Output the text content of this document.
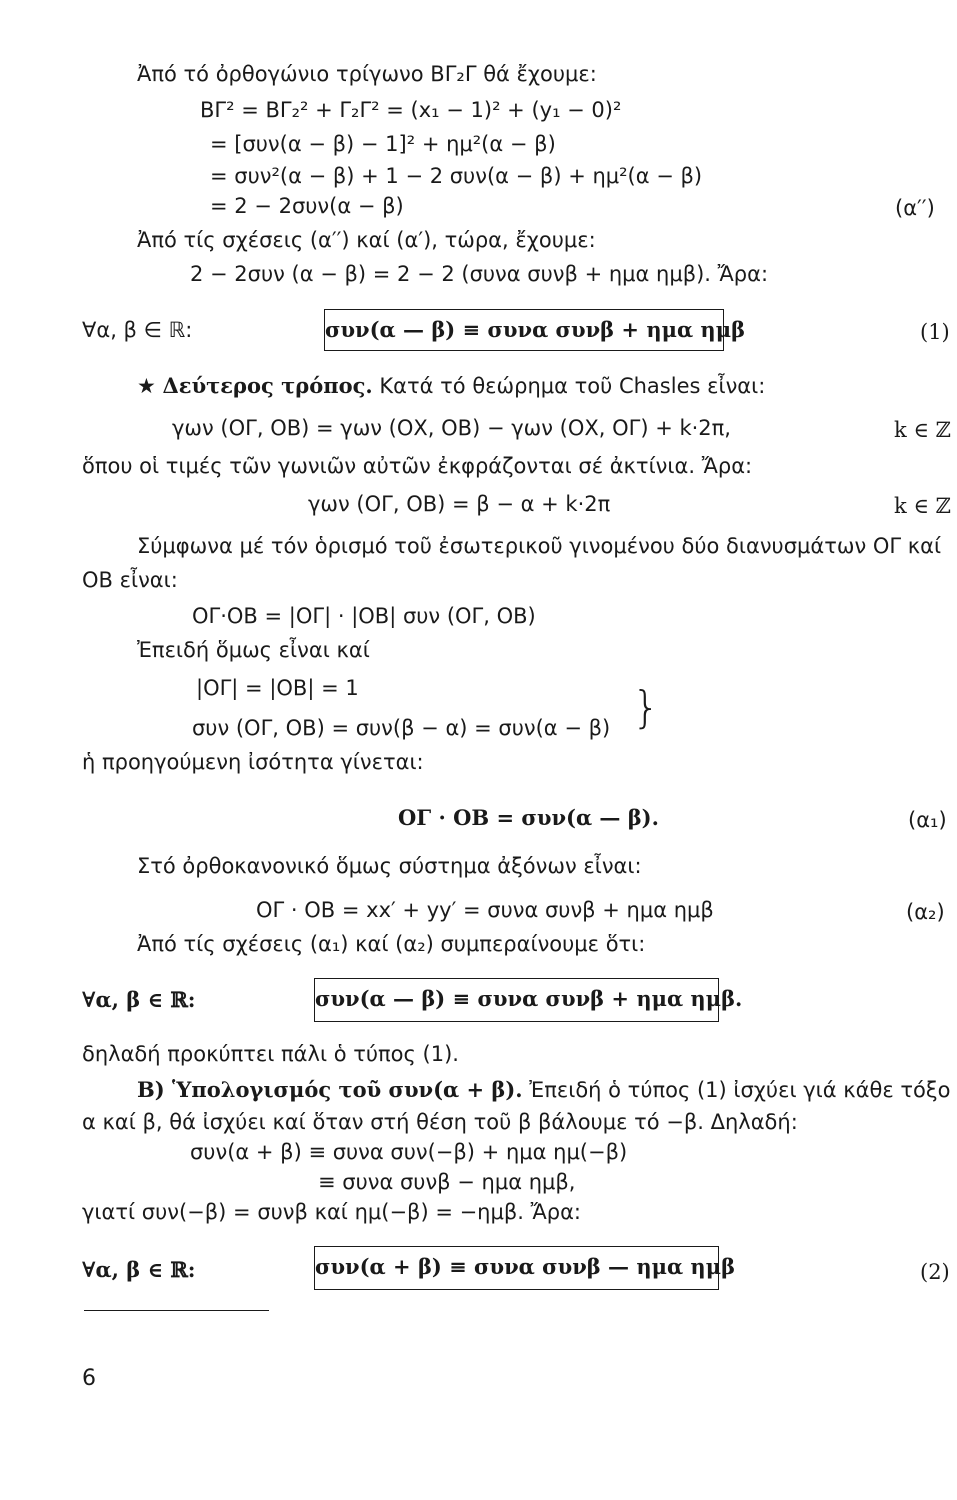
Ἀπό τό ὀρθογώνιο τρίγωνο ΒΓ₂Γ θά ἔχουμε:
ΒΓ² = ΒΓ₂² + Γ₂Γ² = (x₁ − 1)² + (y₁ − 0)²
= [συν(α − β) − 1]² + ημ²(α − β)
= συν²(α − β) + 1 − 2 συν(α − β) + ημ²(α − β)
= 2 − 2συν(α − β)	(α′′)
Ἀπό τίς σχέσεις (α′′) καί (α′), τώρα, ἔχουμε:
2 − 2συν (α − β) = 2 − 2 (συνα συνβ + ημα ημβ). Ἄρα:
∀α, β ∈ ℝ:	συν(α — β) ≡ συνα συνβ + ημα ημβ	(1)
★ Δεύτερος τρόπος. Κατά τό θεώρημα τοῦ Chasles εἶναι:
γων (ΟΓ, ΟΒ) = γων (ΟΧ, ΟΒ) − γων (ΟΧ, ΟΓ) + k·2π,	k ∈ ℤ
ὅπου οἱ τιμές τῶν γωνιῶν αὐτῶν ἐκφράζονται σέ ἀκτίνια. Ἄρα:
γων (ΟΓ, ΟΒ) = β − α + k·2π	k ∈ ℤ
Σύμφωνα μέ τόν ὁρισμό τοῦ ἐσωτερικοῦ γινομένου δύο διανυσμάτων ΟΓ καί
ΟΒ εἶναι:
ΟΓ·ΟΒ = |ΟΓ| · |ΟΒ| συν (ΟΓ, ΟΒ)
Ἐπειδή ὅμως εἶναι καί
|ΟΓ| = |ΟΒ| = 1
συν (ΟΓ, ΟΒ) = συν(β − α) = συν(α − β) }
ἡ προηγούμενη ἰσότητα γίνεται:
ΟΓ · ΟΒ = συν(α — β).	(α₁)
Στό ὀρθοκανονικό ὅμως σύστημα ἀξόνων εἶναι:
ΟΓ · ΟΒ = xx′ + yy′ = συνα συνβ + ημα ημβ	(α₂)
Ἀπό τίς σχέσεις (α₁) καί (α₂) συμπεραίνουμε ὅτι:
∀α, β ∈ ℝ:	συν(α — β) ≡ συνα συνβ + ημα ημβ.
δηλαδή προκύπτει πάλι ὁ τύπος (1).
Β) Ὑπολογισμός τοῦ συν(α + β). Ἐπειδή ὁ τύπος (1) ἰσχύει γιά κάθε τόξο
α καί β, θά ἰσχύει καί ὅταν στή θέση τοῦ β βάλουμε τό −β. Δηλαδή:
συν(α + β) ≡ συνα συν(−β) + ημα ημ(−β)
≡ συνα συνβ − ημα ημβ,
γιατί συν(−β) = συνβ καί ημ(−β) = −ημβ. Ἄρα:
∀α, β ∈ ℝ:	συν(α + β) ≡ συνα συνβ — ημα ημβ	(2)
6
